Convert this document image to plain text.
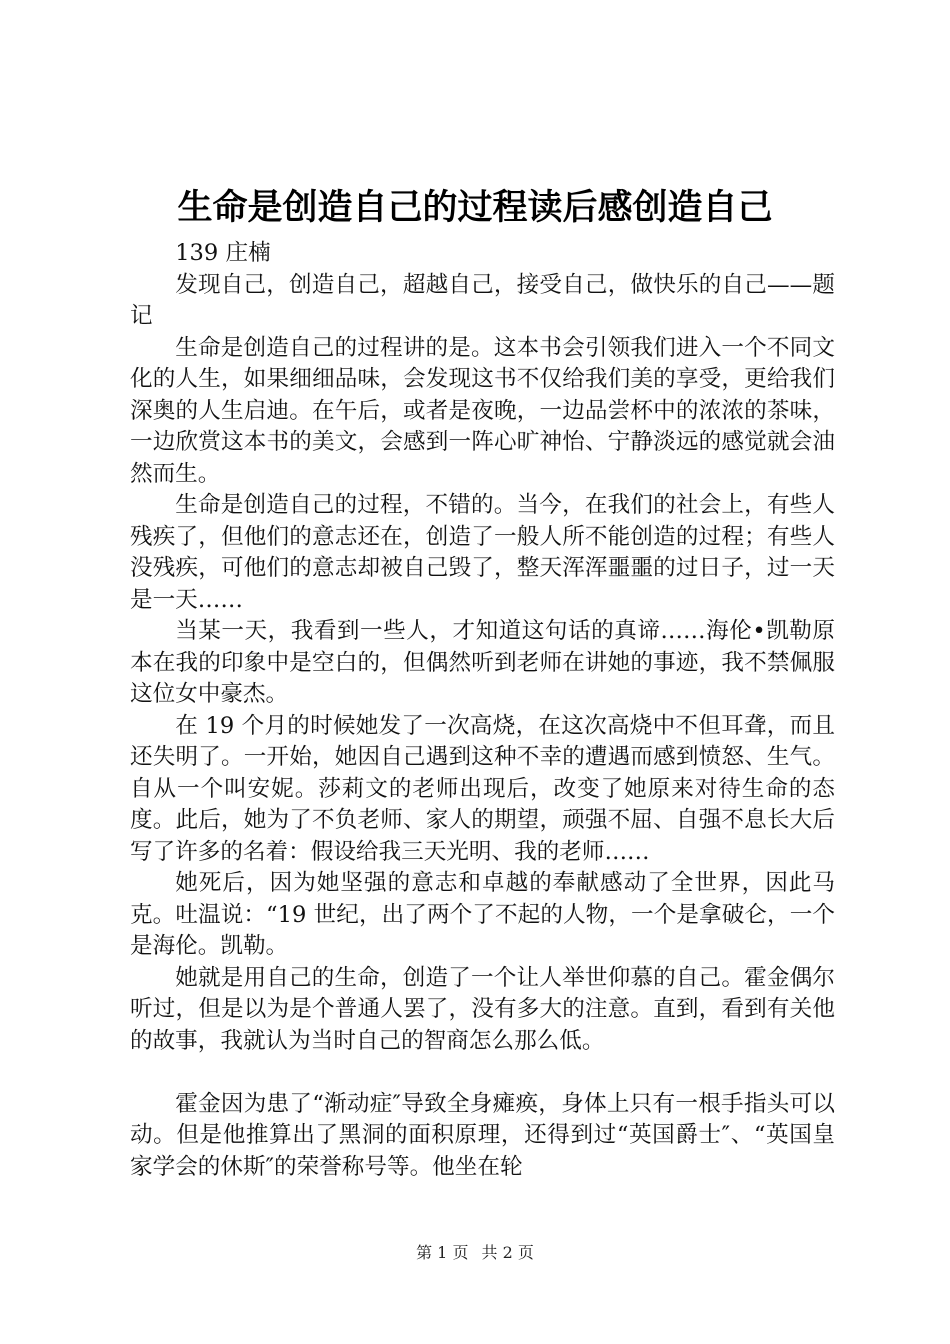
生命是创造自己的过程读后感创造自己

139 庄楠

发现自己，创造自己，超越自己，接受自己，做快乐的自己——题记

生命是创造自己的过程讲的是。这本书会引领我们进入一个不同文化的人生，如果细细品味，会发现这书不仅给我们美的享受，更给我们深奥的人生启迪。在午后，或者是夜晚，一边品尝杯中的浓浓的茶味，一边欣赏这本书的美文，会感到一阵心旷神怡、宁静淡远的感觉就会油然而生。

生命是创造自己的过程，不错的。当今，在我们的社会上，有些人残疾了，但他们的意志还在，创造了一般人所不能创造的过程；有些人没残疾，可他们的意志却被自己毁了，整天浑浑噩噩的过日子，过一天是一天……

当某一天，我看到一些人，才知道这句话的真谛……海伦•凯勒原本在我的印象中是空白的，但偶然听到老师在讲她的事迹，我不禁佩服这位女中豪杰。

在 19 个月的时候她发了一次高烧，在这次高烧中不但耳聋，而且还失明了。一开始，她因自己遇到这种不幸的遭遇而感到愤怒、生气。自从一个叫安妮。莎莉文的老师出现后，改变了她原来对待生命的态度。此后，她为了不负老师、家人的期望，顽强不屈、自强不息长大后写了许多的名着：假设给我三天光明、我的老师……

她死后，因为她坚强的意志和卓越的奉献感动了全世界，因此马克。吐温说：“19 世纪，出了两个了不起的人物，一个是拿破仑，一个是海伦。凯勒。

她就是用自己的生命，创造了一个让人举世仰慕的自己。霍金偶尔听过，但是以为是个普通人罢了，没有多大的注意。直到，看到有关他的故事，我就认为当时自己的智商怎么那么低。

霍金因为患了“渐动症″导致全身瘫痪，身体上只有一根手指头可以动。但是他推算出了黑洞的面积原理，还得到过“英国爵士″、“英国皇家学会的休斯″的荣誉称号等。他坐在轮

第 1 页 共 2 页
